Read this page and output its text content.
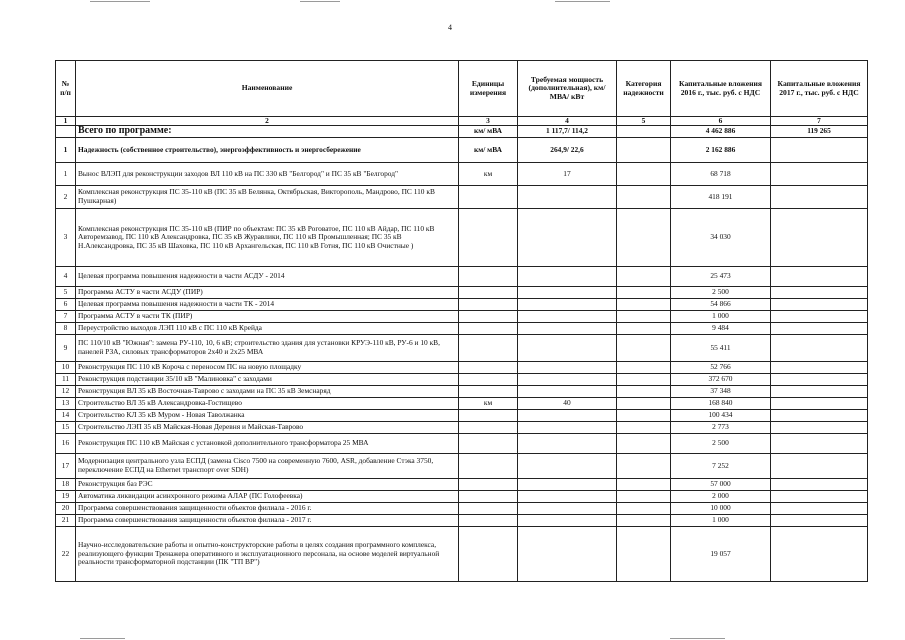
4
№ п/п	Наименование	Единицы измерения	Требуемая мощность (дополнительная), км/ МВА/ кВт	Категория надежности	Капитальные вложения 2016 г., тыс. руб. с НДС	Капитальные вложения 2017 г., тыс. руб. с НДС
1	2	3	4	5	6	7
	Всего по программе:	км/ мВА	1 117,7/ 114,2		4 462 886	119 265
1	Надежность (собственное строительство), энергоэффективность и энергосбережение	км/ мВА	264,9/ 22,6		2 162 886	
1	Вынос ВЛЭП для реконструкции заходов ВЛ 110 кВ на ПС 330 кВ "Белгород" и ПС 35 кВ "Белгород"	км	17		68 718	
2	Комплексная реконструкция ПС 35-110 кВ (ПС 35 кВ Белянка, Октябрьская, Викторополь, Мандрово, ПС 110 кВ Пушкарная)				418 191	
3	Комплексная реконструкция ПС 35-110 кВ (ПИР по объектам: ПС 35 кВ Роговатое, ПС 110 кВ Айдар, ПС 110 кВ Авторемзавод, ПС 110 кВ Александровка, ПС 35 кВ Журавлики, ПС 110 кВ Промышленная; ПС 35 кВ Н.Александровка, ПС 35 кВ Шаховка, ПС 110 кВ Архангельская, ПС 110 кВ Готня, ПС 110 кВ Очистные )				34 030	
4	Целевая программа повышения надежности в части АСДУ - 2014				25 473	
5	Программа АСТУ в части АСДУ (ПИР)				2 500	
6	Целевая программа повышения надежности в части ТК - 2014				54 866	
7	Программа АСТУ в части ТК (ПИР)				1 000	
8	Переустройство выходов ЛЭП 110 кВ с ПС 110 кВ Крейда				9 484	
9	ПС 110/10 кВ "Южная": замена РУ-110, 10, 6 кВ; строительство здания для установки КРУЭ-110 кВ, РУ-6 и 10 кВ, панелей РЗА, силовых трансформаторов 2х40 и 2х25 МВА				55 411	
10	Реконструкция ПС 110 кВ Короча с переносом ПС на новую площадку				52 766	
11	Реконструкция подстанции 35/10 кВ "Малиновка" с заходами				372 670	
12	Реконструкция ВЛ 35 кВ Восточная-Таврово с заходами на ПС 35 кВ Земснаряд				37 348	
13	Строительство ВЛ 35 кВ Александровка-Гостищево	км	40		168 840	
14	Строительство КЛ 35 кВ Муром - Новая Таволжанка				100 434	
15	Строительство ЛЭП 35 кВ Майская-Новая Деревня и Майская-Таврово				2 773	
16	Реконструкция ПС 110 кВ Майская с установкой дополнительного трансформатора 25 МВА				2 500	
17	Модернизация центрального узла ЕСПД (замена Cisco 7500 на современную 7600, ASR, добавление Стэка 3750, переключение ЕСПД на Ethernet транспорт over SDH)				7 252	
18	Реконструкция баз РЭС				57 000	
19	Автоматика ликвидации асинхронного режима АЛАР (ПС Голофеевка)				2 000	
20	Программа совершенствования защищенности объектов филиала - 2016 г.				10 000	
21	Программа совершенствования защищенности объектов филиала - 2017 г.				1 000	
22	Научно-исследовательские работы и опытно-конструкторские работы в целях создания программного комплекса, реализующего функции Тренажера оперативного и эксплуатационного персонала, на основе моделей виртуальной реальности трансформаторной подстанции (ПК "ТП ВР")				19 057	
